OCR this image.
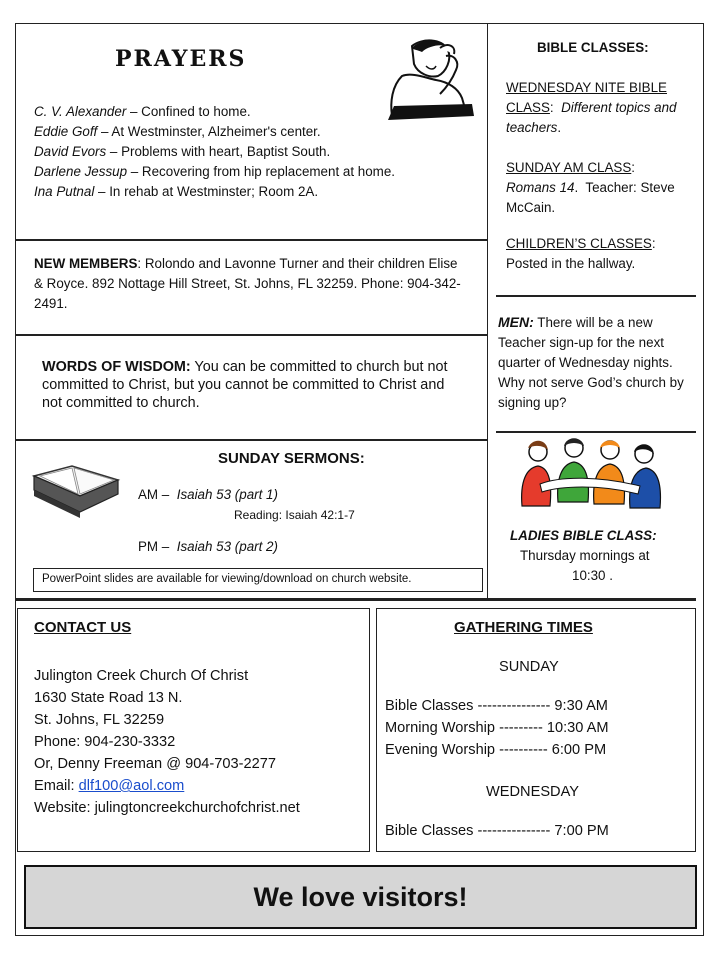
PRAYERS
C. V. Alexander – Confined to home.
Eddie Goff – At Westminster, Alzheimer's center.
David Evors – Problems with heart, Baptist South.
Darlene Jessup – Recovering from hip replacement at home.
Ina Putnal – In rehab at Westminster; Room 2A.
NEW MEMBERS: Rolondo and Lavonne Turner and their children Elise & Royce. 892 Nottage Hill Street, St. Johns, FL 32259. Phone: 904-342-2491.
WORDS OF WISDOM: You can be committed to church but not committed to Christ, but you cannot be committed to Christ and not committed to church.
SUNDAY SERMONS:
AM – Isaiah 53 (part 1)
Reading: Isaiah 42:1-7
PM – Isaiah 53 (part 2)
PowerPoint slides are available for viewing/download on church website.
BIBLE CLASSES:
WEDNESDAY NITE BIBLE CLASS:  Different topics and teachers.
SUNDAY AM CLASS:
Romans 14.  Teacher: Steve McCain.
CHILDREN’S CLASSES:
Posted in the hallway.
MEN: There will be a new Teacher sign-up for the next quarter of Wednesday nights. Why not serve God’s church by signing up?
LADIES BIBLE CLASS:
Thursday mornings at
10:30 .
CONTACT US
Julington Creek Church Of Christ
1630 State Road 13 N.
St. Johns, FL 32259
Phone: 904-230-3332
Or, Denny Freeman @ 904-703-2277
Email: dlf100@aol.com
Website: julingtoncreekchurchofchrist.net
GATHERING TIMES
SUNDAY
Bible Classes --------------- 9:30 AM
Morning Worship --------- 10:30 AM
Evening Worship ---------- 6:00 PM
WEDNESDAY
Bible Classes --------------- 7:00 PM
We love visitors!
